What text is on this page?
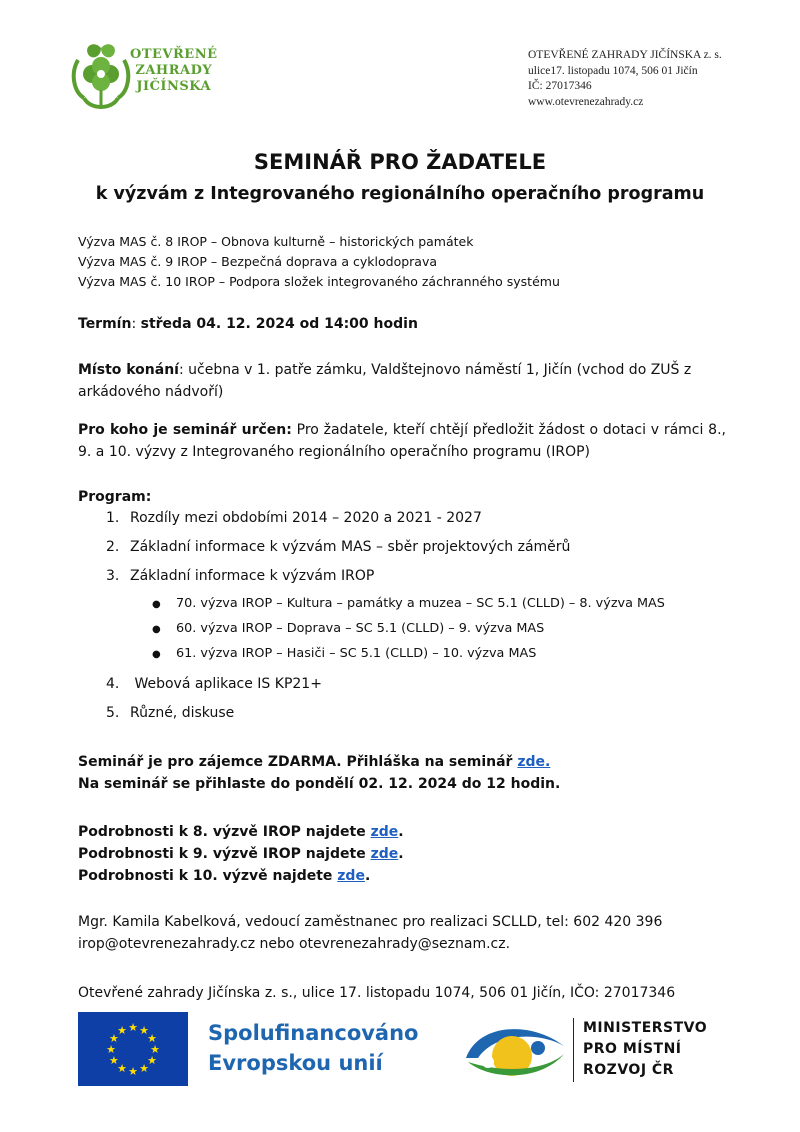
OTEVŘENÉ
ZAHRADY
JIČÍNSKA
OTEVŘENÉ ZAHRADY JIČÍNSKA z. s.
ulice17. listopadu 1074, 506 01 Jičín
IČ: 27017346
www.otevrenezahrady.cz
SEMINÁŘ PRO ŽADATELE
k výzvám z Integrovaného regionálního operačního programu
Výzva MAS č. 8 IROP – Obnova kulturně – historických památek
Výzva MAS č. 9 IROP – Bezpečná doprava a cyklodoprava
Výzva MAS č. 10 IROP – Podpora složek integrovaného záchranného systému
Termín: středa 04. 12. 2024 od 14:00 hodin
Místo konání: učebna v 1. patře zámku, Valdštejnovo náměstí 1, Jičín (vchod do ZUŠ z arkádového nádvoří)
Pro koho je seminář určen: Pro žadatele, kteří chtějí předložit žádost o dotaci v rámci 8., 9. a 10. výzvy z Integrovaného regionálního operačního programu (IROP)
Program:
1. Rozdíly mezi obdobími 2014 – 2020 a 2021 - 2027
2. Základní informace k výzvám MAS – sběr projektových záměrů
3. Základní informace k výzvám IROP
4. Webová aplikace IS KP21+
5. Různé, diskuse
● 70. výzva IROP – Kultura – památky a muzea – SC 5.1 (CLLD) – 8. výzva MAS
● 60. výzva IROP – Doprava – SC 5.1 (CLLD) – 9. výzva MAS
● 61. výzva IROP – Hasiči – SC 5.1 (CLLD) – 10. výzva MAS
Seminář je pro zájemce ZDARMA. Přihláška na seminář zde.
Na seminář se přihlaste do pondělí 02. 12. 2024 do 12 hodin.
Podrobnosti k 8. výzvě IROP najdete zde.
Podrobnosti k 9. výzvě IROP najdete zde.
Podrobnosti k 10. výzvě najdete zde.
Mgr. Kamila Kabelková, vedoucí zaměstnanec pro realizaci SCLLD, tel: 602 420 396
irop@otevrenezahrady.cz nebo otevrenezahrady@seznam.cz.
Otevřené zahrady Jičínska z. s., ulice 17. listopadu 1074, 506 01 Jičín, IČO: 27017346
★ ★
★
★
★
★
★
★
★
★
★
★	Spolufinancováno
Evropskou unií
MINISTERSTVO
PRO MÍSTNÍ
ROZVOJ ČR
